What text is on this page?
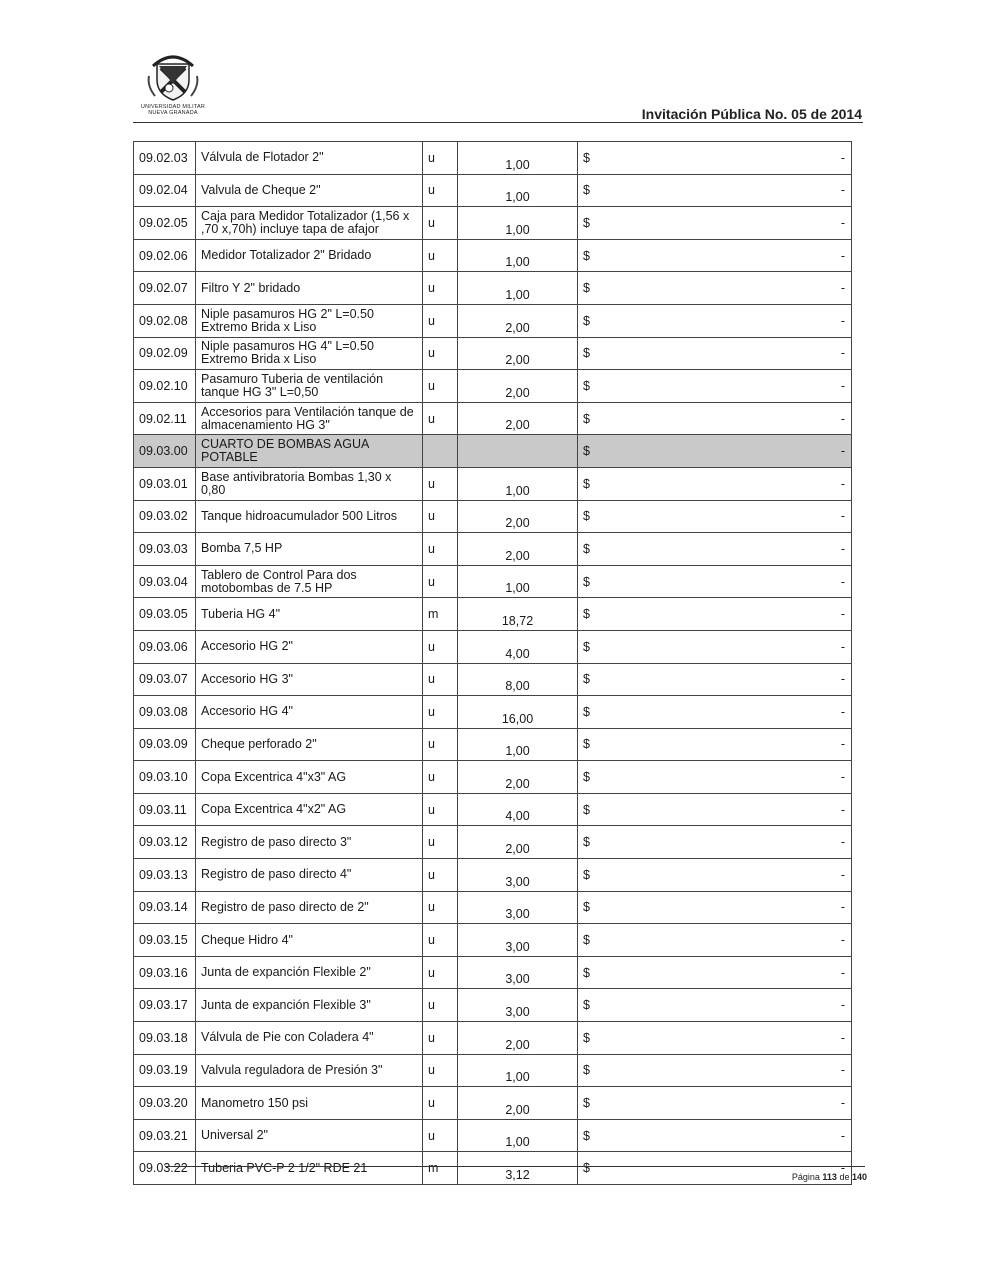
UNIVERSIDAD MILITAR
NUEVA GRANADA	Invitación Pública No. 05 de 2014
09.02.03	Válvula de Flotador 2"	u	1,00	$	-
09.02.04	Valvula de Cheque 2"	u	1,00	$	-
09.02.05	Caja para Medidor Totalizador (1,56 x ,70 x,70h) incluye tapa de afajor	u	1,00	$	-
09.02.06	Medidor Totalizador 2" Bridado	u	1,00	$	-
09.02.07	Filtro Y 2" bridado	u	1,00	$	-
09.02.08	Niple pasamuros HG 2" L=0.50 Extremo Brida x Liso	u	2,00	$	-
09.02.09	Niple pasamuros HG 4" L=0.50 Extremo Brida x Liso	u	2,00	$	-
09.02.10	Pasamuro Tuberia de ventilación tanque HG 3" L=0,50	u	2,00	$	-
09.02.11	Accesorios para Ventilación tanque de almacenamiento HG 3"	u	2,00	$	-
09.03.00	CUARTO DE BOMBAS AGUA POTABLE			$	-
09.03.01	Base antivibratoria Bombas 1,30 x 0,80	u	1,00	$	-
09.03.02	Tanque hidroacumulador 500 Litros	u	2,00	$	-
09.03.03	Bomba 7,5 HP	u	2,00	$	-
09.03.04	Tablero de Control Para dos motobombas de 7.5 HP	u	1,00	$	-
09.03.05	Tuberia HG 4"	m	18,72	$	-
09.03.06	Accesorio HG 2"	u	4,00	$	-
09.03.07	Accesorio HG 3"	u	8,00	$	-
09.03.08	Accesorio HG 4"	u	16,00	$	-
09.03.09	Cheque perforado 2"	u	1,00	$	-
09.03.10	Copa Excentrica 4"x3" AG	u	2,00	$	-
09.03.11	Copa Excentrica 4"x2" AG	u	4,00	$	-
09.03.12	Registro de paso directo 3"	u	2,00	$	-
09.03.13	Registro de paso directo 4"	u	3,00	$	-
09.03.14	Registro de paso directo de 2"	u	3,00	$	-
09.03.15	Cheque Hidro 4"	u	3,00	$	-
09.03.16	Junta de expanción Flexible 2"	u	3,00	$	-
09.03.17	Junta de expanción Flexible 3"	u	3,00	$	-
09.03.18	Válvula de Pie con Coladera 4"	u	2,00	$	-
09.03.19	Valvula reguladora de Presión 3"	u	1,00	$	-
09.03.20	Manometro 150 psi	u	2,00	$	-
09.03.21	Universal 2"	u	1,00	$	-
09.03.22	Tuberia PVC-P 2 1/2" RDE 21	m	3,12	$	-
Página 113 de 140
